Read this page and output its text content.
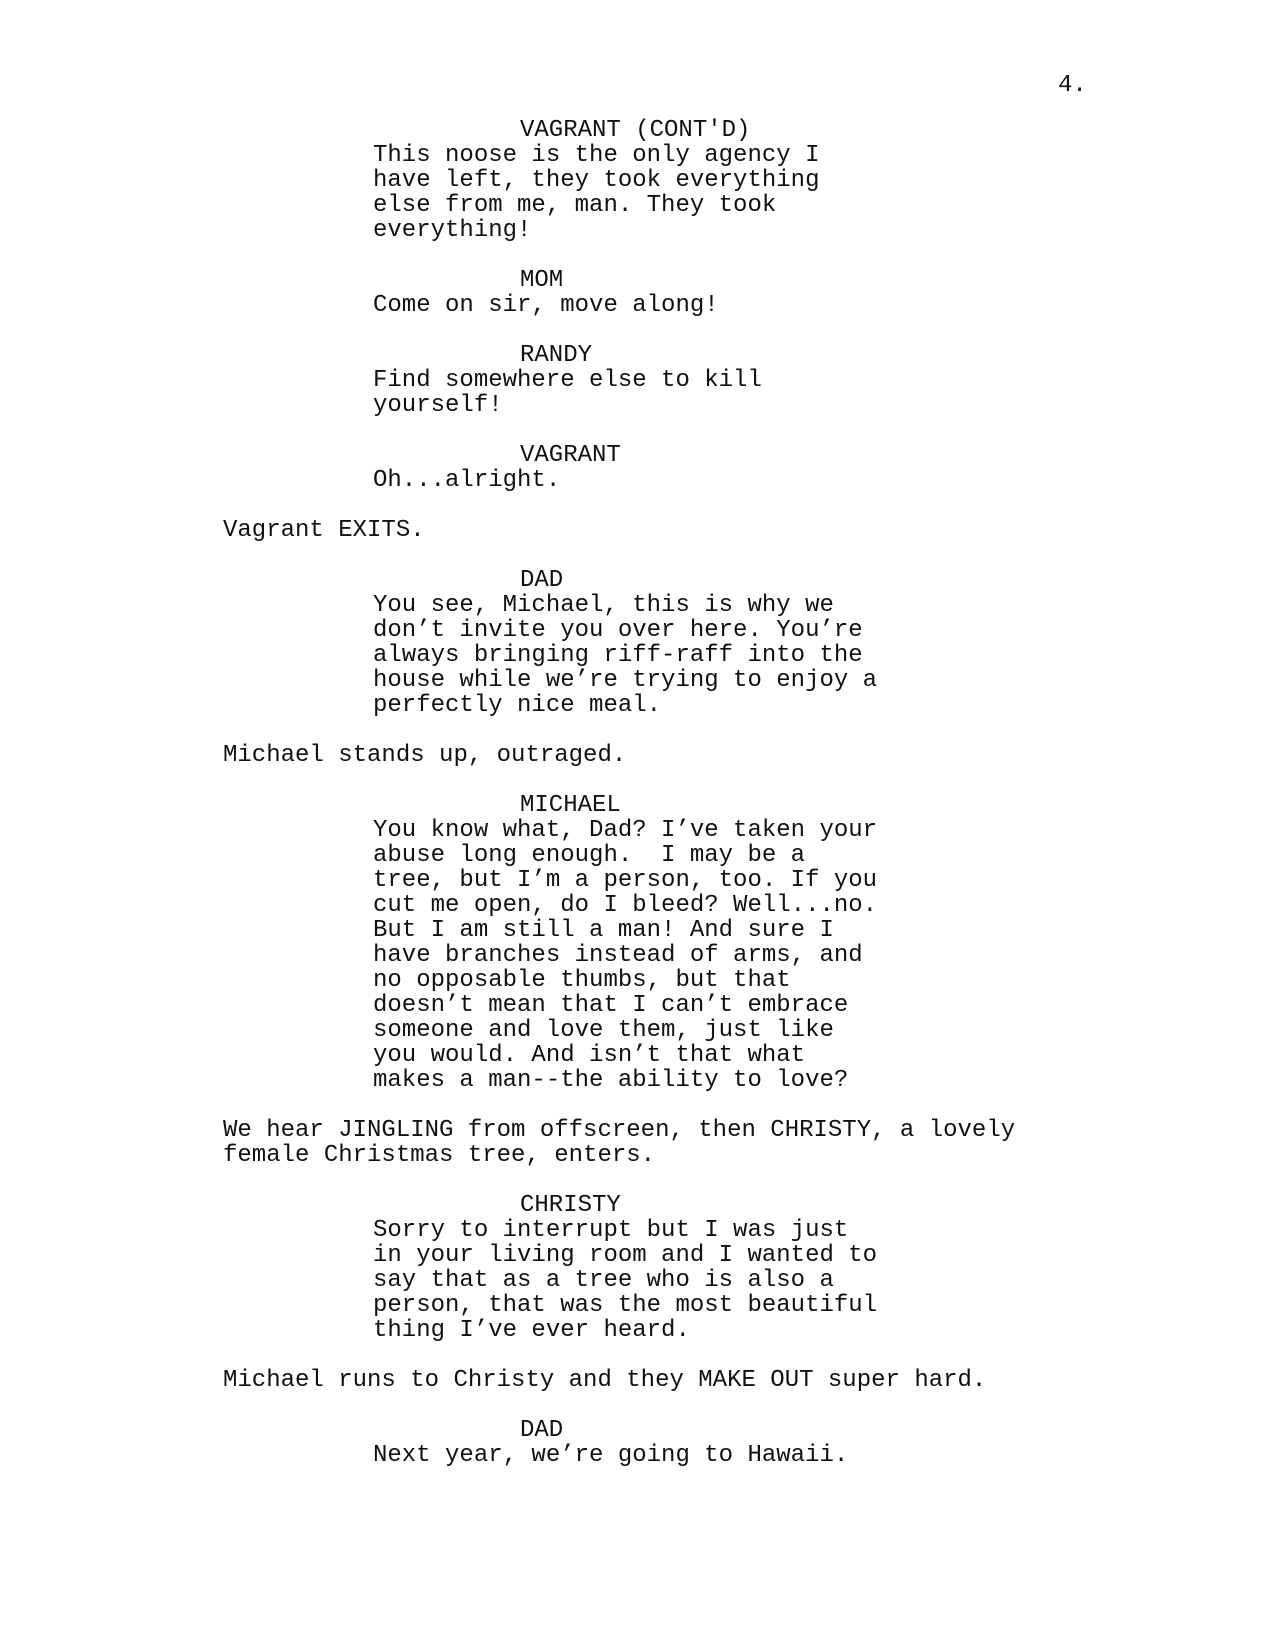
4.
VAGRANT (CONT'D)
This noose is the only agency I
have left, they took everything
else from me, man. They took
everything!
MOM
Come on sir, move along!
RANDY
Find somewhere else to kill
yourself!
VAGRANT
Oh...alright.
Vagrant EXITS.
DAD
You see, Michael, this is why we
don’t invite you over here. You’re
always bringing riff-raff into the
house while we’re trying to enjoy a
perfectly nice meal.
Michael stands up, outraged.
MICHAEL
You know what, Dad? I’ve taken your
abuse long enough.  I may be a
tree, but I’m a person, too. If you
cut me open, do I bleed? Well...no.
But I am still a man! And sure I
have branches instead of arms, and
no opposable thumbs, but that
doesn’t mean that I can’t embrace
someone and love them, just like
you would. And isn’t that what
makes a man--the ability to love?
We hear JINGLING from offscreen, then CHRISTY, a lovely
female Christmas tree, enters.
CHRISTY
Sorry to interrupt but I was just
in your living room and I wanted to
say that as a tree who is also a
person, that was the most beautiful
thing I’ve ever heard.
Michael runs to Christy and they MAKE OUT super hard.
DAD
Next year, we’re going to Hawaii.
